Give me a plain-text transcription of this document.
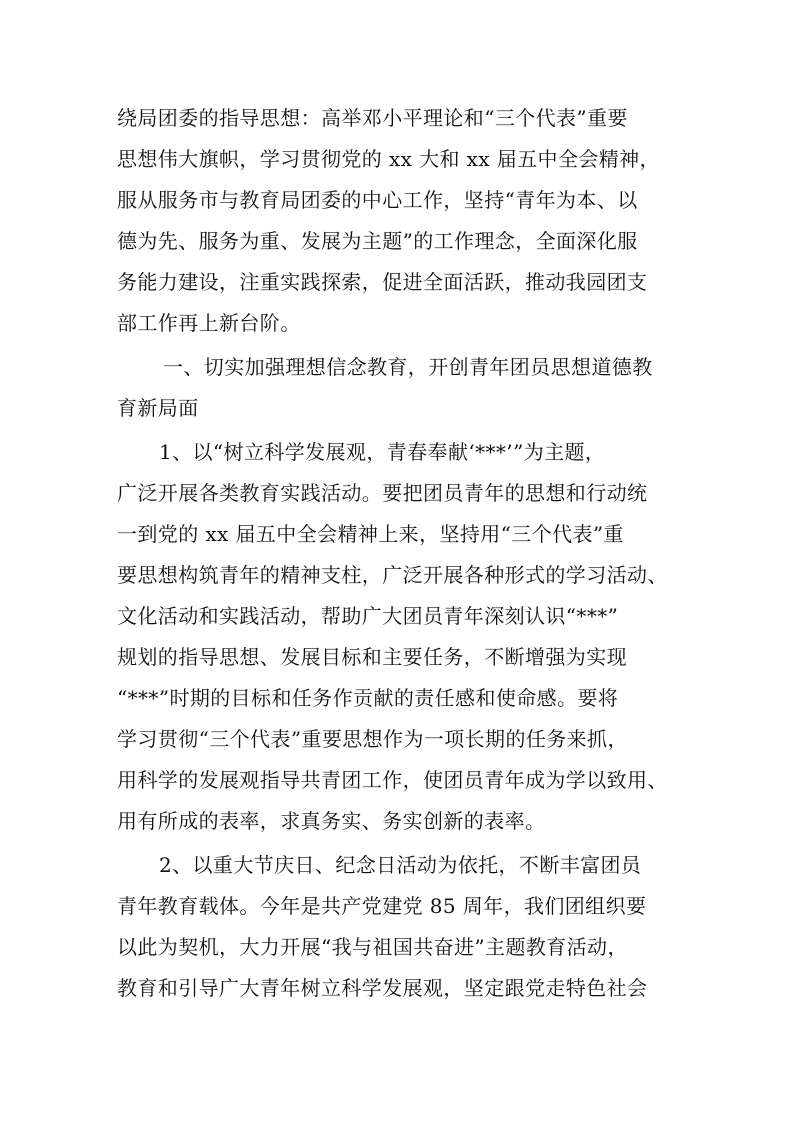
绕局团委的指导思想：高举邓小平理论和“三个代表”重要
思想伟大旗帜，学习贯彻党的 xx 大和 xx 届五中全会精神，
服从服务市与教育局团委的中心工作，坚持“青年为本、以
德为先、服务为重、发展为主题”的工作理念，全面深化服
务能力建设，注重实践探索，促进全面活跃，推动我园团支
部工作再上新台阶。
一、切实加强理想信念教育，开创青年团员思想道德教
育新局面
1、以“树立科学发展观，青春奉献‘***’”为主题，
广泛开展各类教育实践活动。要把团员青年的思想和行动统
一到党的 xx 届五中全会精神上来，坚持用“三个代表”重
要思想构筑青年的精神支柱，广泛开展各种形式的学习活动、
文化活动和实践活动，帮助广大团员青年深刻认识“***”
规划的指导思想、发展目标和主要任务，不断增强为实现
“***”时期的目标和任务作贡献的责任感和使命感。要将
学习贯彻“三个代表”重要思想作为一项长期的任务来抓，
用科学的发展观指导共青团工作，使团员青年成为学以致用、
用有所成的表率，求真务实、务实创新的表率。
2、以重大节庆日、纪念日活动为依托，不断丰富团员
青年教育载体。今年是共产党建党 85 周年，我们团组织要
以此为契机，大力开展“我与祖国共奋进”主题教育活动，
教育和引导广大青年树立科学发展观，坚定跟党走特色社会
